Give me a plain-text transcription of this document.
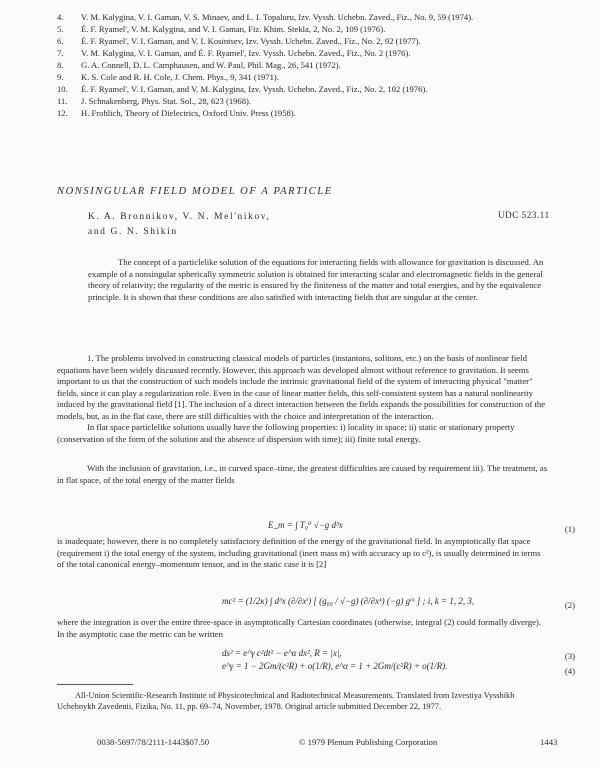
4.	V. M. Kalygina, V. I. Gaman, V. S. Minaev, and L. I. Topaluru, Izv. Vyssh. Uchebn. Zaved., Fiz., No. 9, 59 (1974).
5.	É. F. Ryamel', V. M. Kalygina, and V. I. Gaman, Fiz. Khim. Stekla, 2, No. 2, 109 (1976).
6.	É. F. Ryamel', V. I. Gaman, and V. I. Kosintsev, Izv. Vyssh. Uchebn. Zaved., Fiz., No. 2, 92 (1977).
7.	V. M. Kalygina, V. I. Gaman, and É. F. Ryamel', Izv. Vyssh. Uchebn. Zaved., Fiz., No. 2 (1976).
8.	G. A. Connell, D. L. Camphausen, and W. Paul, Phil. Mag., 26, 541 (1972).
9.	K. S. Cole and R. H. Cole, J. Chem. Phys., 9, 341 (1971).
10.	É. F. Ryamel', V. I. Gaman, and V. M. Kalygina, Izv. Vyssh. Uchebn. Zaved., Fiz., No. 2, 102 (1976).
11.	J. Schnakenberg, Phys. Stat. Sol., 28, 623 (1968).
12.	H. Frohlich, Theory of Dielectrics, Oxford Univ. Press (1958).
NONSINGULAR FIELD MODEL OF A PARTICLE
K. A. Bronnikov, V. N. Mel'nikov,
and G. N. Shikin
UDC 523.11
The concept of a particlelike solution of the equations for interacting fields with allowance for gravitation is discussed. An example of a nonsingular spherically symmetric solution is obtained for interacting scalar and electromagnetic fields in the general theory of relativity; the regularity of the metric is ensured by the finiteness of the matter and total energies, and by the equivalence principle. It is shown that these conditions are also satisfied with interacting fields that are singular at the center.
1. The problems involved in constructing classical models of particles (instantons, solitons, etc.) on the basis of nonlinear field equations have been widely discussed recently. However, this approach was developed almost without reference to gravitation. It seems important to us that the construction of such models include the intrinsic gravitational field of the system of interacting physical "matter" fields, since it can play a regularization role. Even in the case of linear matter fields, this self-consistent system has a natural nonlinearity induced by the gravitational field [1]. The inclusion of a direct interaction between the fields expands the possibilities for construction of the models, but, as in the flat case, there are still difficulties with the choice and interpretation of the interaction.
In flat space particlelike solutions usually have the following properties: i) locality in space; ii) static or stationary property (conservation of the form of the solution and the absence of dispersion with time); iii) finite total energy.
With the inclusion of gravitation, i.e., in curved space–time, the greatest difficulties are caused by requirement iii). The treatment, as in flat space, of the total energy of the matter fields
E_m = ∫ T₀⁰ √−g d³x	(1)
is inadequate; however, there is no completely satisfactory definition of the energy of the gravitational field. In asymptotically flat space (requirement i) the total energy of the system, including gravitational (inert mass m) with accuracy up to c²), is usually determined in terms of the total canonical energy–momentum tensor, and in the static case it is [2]
mc² = (1/2κ) ∫ d³x (∂/∂xⁱ) [ (g₀₀ / √−g) (∂/∂xᵏ) (−g) gⁱᵏ ] ; i, k = 1, 2, 3,	(2)
where the integration is over the entire three-space in asymptotically Cartesian coordinates (otherwise, integral (2) could formally diverge). In the asymptotic case the metric can be written
ds² = e^γ c²dt² − e^α dx², R = |x|,	(3)
e^γ = 1 − 2Gm/(c²R) + o(1/R), e^α = 1 + 2Gm/(c²R) + o(1/R).	(4)
All-Union Scientific-Research Institute of Physicotechnical and Radiotechnical Measurements. Translated from Izvestiya Vysshikh Uchebnykh Zavedenii, Fizika, No. 11, pp. 69–74, November, 1978. Original article submitted December 22, 1977.
0038-5697/78/2111-1443$07.50	© 1979 Plenum Publishing Corporation	1443
